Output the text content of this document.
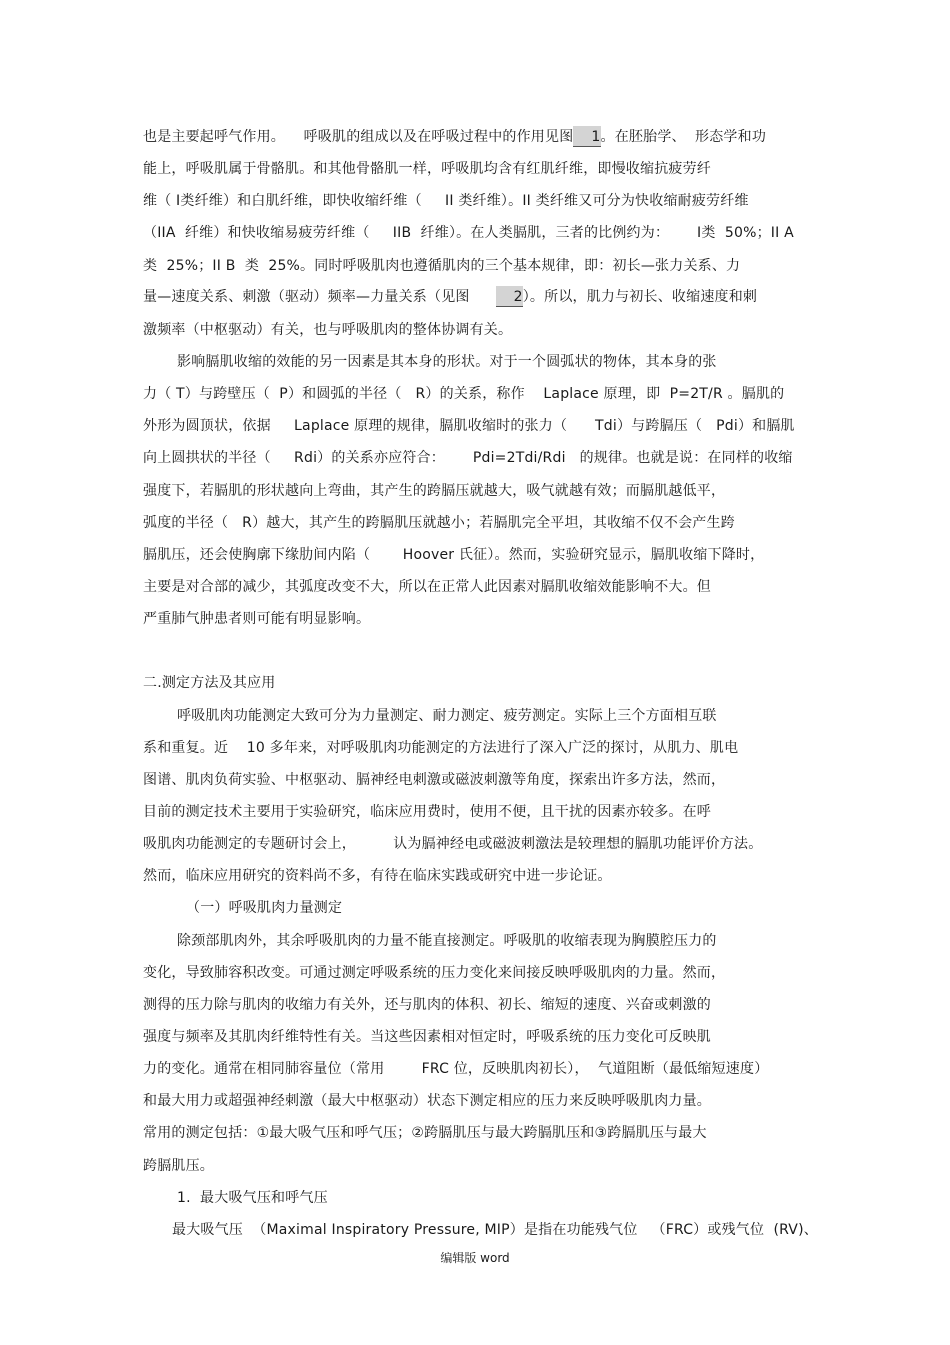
也是主要起呼气作用。    呼吸肌的组成以及在呼吸过程中的作用见图 1。在胚胎学、  形态学和功
能上，呼吸肌属于骨骼肌。和其他骨骼肌一样，呼吸肌均含有红肌纤维，即慢收缩抗疲劳纤
维（ I类纤维）和白肌纤维，即快收缩纤维（     II 类纤维）。II 类纤维又可分为快收缩耐疲劳纤维
（IIA  纤维）和快收缩易疲劳纤维（     IIB  纤维）。在人类膈肌，三者的比例约为：      I类  50%；II A
类  25%；II B  类  25%。同时呼吸肌肉也遵循肌肉的三个基本规律，即：初长—张力关系、力
量—速度关系、刺激（驱动）频率—力量关系（见图	2）。所以，肌力与初长、收缩速度和刺
激频率（中枢驱动）有关，也与呼吸肌肉的整体协调有关。
影响膈肌收缩的效能的另一因素是其本身的形状。对于一个圆弧状的物体，其本身的张
力（ T）与跨壁压（  P）和圆弧的半径（   R）的关系，称作    Laplace 原理，即  P=2T/R 。膈肌的
外形为圆顶状，依据     Laplace 原理的规律，膈肌收缩时的张力（      Tdi）与跨膈压（   Pdi）和膈肌
向上圆拱状的半径（     Rdi）的关系亦应符合：      Pdi=2Tdi/Rdi   的规律。也就是说：在同样的收缩
强度下，若膈肌的形状越向上弯曲，其产生的跨膈压就越大，吸气就越有效；而膈肌越低平，
弧度的半径（   R）越大，其产生的跨膈肌压就越小；若膈肌完全平坦，其收缩不仅不会产生跨
膈肌压，还会使胸廓下缘肋间内陷（       Hoover 氏征）。然而，实验研究显示，膈肌收缩下降时，
主要是对合部的减少，其弧度改变不大，所以在正常人此因素对膈肌收缩效能影响不大。但
严重肺气肿患者则可能有明显影响。
二.测定方法及其应用
呼吸肌肉功能测定大致可分为力量测定、耐力测定、疲劳测定。实际上三个方面相互联
系和重复。近    10 多年来，对呼吸肌肉功能测定的方法进行了深入广泛的探讨，从肌力、肌电
图谱、肌肉负荷实验、中枢驱动、膈神经电刺激或磁波刺激等角度，探索出许多方法，然而，
目前的测定技术主要用于实验研究，临床应用费时，使用不便，且干扰的因素亦较多。在呼
吸肌肉功能测定的专题研讨会上，        认为膈神经电或磁波刺激法是较理想的膈肌功能评价方法。
然而，临床应用研究的资料尚不多，有待在临床实践或研究中进一步论证。
（一）呼吸肌肉力量测定
除颈部肌肉外，其余呼吸肌肉的力量不能直接测定。呼吸肌的收缩表现为胸膜腔压力的
变化，导致肺容积改变。可通过测定呼吸系统的压力变化来间接反映呼吸肌肉的力量。然而，
测得的压力除与肌肉的收缩力有关外，还与肌肉的体积、初长、缩短的速度、兴奋或刺激的
强度与频率及其肌肉纤维特性有关。当这些因素相对恒定时，呼吸系统的压力变化可反映肌
力的变化。通常在相同肺容量位（常用        FRC 位，反映肌肉初长），  气道阻断（最低缩短速度）
和最大用力或超强神经刺激（最大中枢驱动）状态下测定相应的压力来反映呼吸肌肉力量。
常用的测定包括：①最大吸气压和呼气压；②跨膈肌压与最大跨膈肌压和③跨膈肌压与最大
跨膈肌压。
1.  最大吸气压和呼气压
最大吸气压  （Maximal Inspiratory Pressure, MIP）是指在功能残气位   （FRC）或残气位  (RV)、
编辑版 word
